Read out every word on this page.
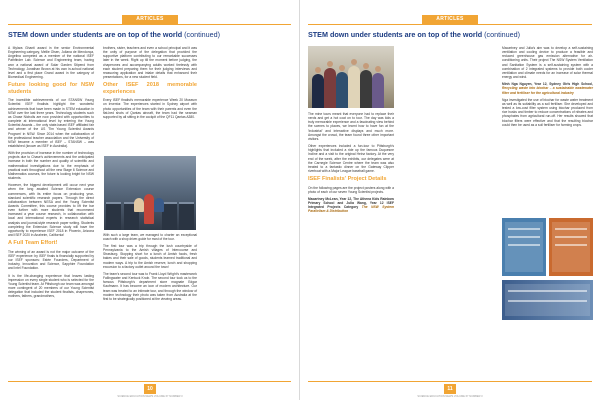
ARTICLES
STEM down under students are on top of the world (continued)

A Mylara Ghanti award in the senior Environmental Engineering category, Mellie Olsen, Juliana de Mendonça, Angelina competed as a member of the national ISEF Pathfinder Lab. Science and Engineering team, having won a national award of Solar Garden Stipend from Technology, Jonathan Brown at his own in-school national level and a first place Grand award in the category of Biomedical Engineering.

Future looking good for NSW students

The incredible achievements of our STANSW Young Scientist ISEF finalists highlight the wonderful achievements that have been made in STEM education in NSW over the last three years. Technology students such as Chase Nicholls are now provided with opportunities to complete at international level by entering the Young Scientist Awards – the only state-based ISEF affiliated fair and winner of the US 'Tim Young Scientist Awards Program' in NSW. Since 2014 when the collaboration of the professional teacher association and the University of NSW became a member of ISEF – STANSW – was established (known as ISEF in Australia).

With the provision of increase in the number of technology projects due to Chase's achievements and the anticipated increase in both the number and quality of scientific and mathematical investigations due to the emphasis of practical work throughout all the new Stage 6 Science and Mathematics courses, the future is looking bright for NSW students.

However, the biggest development will occur next year when the long awaited Science Extension course commences, with its entire focus on producing year-standard scientific research papers. Through the direct collaboration between NESA and the Young Scientist Awards Committee, this course provides to lift the bar even further with more students that recommend increased a year course research, in collaboration with local and international experts in research statistical analysis and journal-style research paper writing. Students completing the Extension Science study will have the opportunity to experience ISEF 2018 in Phoenix, Arizona and ISEF 2020 in Anaheim, California!

A Full Team Effort!

The winning of an award is not the major outcome of the ISEF experience: by ISEF finals is financially supported by our ISEF sponsors: Estée Founders, Department of Industry, Innovation and Science, Sapphire Foundation and Intel Foundation.

It is the life-changing experience that leaves lasting impression on every single student who is selected for the Young Scientist team. At Pittsburgh our team was amongst more contingent of 20 members of our Young Scientist delegation that included the student finalists, chaperones, mothers, fathers, grandmothers,

brothers, sister, teachers and even a school principal and it was the unity of purpose of the delegation that provided the supportive platform contributing to our remarkable successes later in the week. Right up till the moment before judging, the chaperones and accompanying adults worked tirelessly with each student preparing them for their judging interviews and reassuring application and intake details that enhanced their presentations, for a new student field.

Other ISEF 2018 memorable experiences

Every ISEF finalist's memorable experience Week 20 Museum on Inventor. The experiences started in Sydney airport with photo opportunities of the team with their parents and even the flat-bed shots of Qantas aircraft, the team had the seaman supported by all sitting in the cockpit of the QF11 Qantas A380.

With such a large team, we managed to charter an exceptional coach with a shop driver-guide for most of the tour.

The first tour was a trip through the lush countryside of Pennsylvania to the Amish villages of Intercourse and Strasburg. Stopping short for a lunch of Amish foods, fresh bakes and their sale of goods, students learned traditional and modern ways. A trip to the Amish reserve, lunch and shopping excursion to a factory outlet around the town!

The team's second tour was to Frank Lloyd Wright's masterwork Fallingwater and Kentuck Knob. The second tour took us to the famous Pittsburgh's department store magnate Edgar Kaufmann. It has become an icon of modern architecture. Our team was treated to an intimate tour, and through the window of modern technology their photo was taken from Australia at the first to be strategically positioned at the viewing areas.

10
SCIENCE EDUCATION NEWS VOLUME 67 NUMBER 3
ARTICLES
STEM down under students are on top of the world (continued)

The mine tours meant that everyone had to replace their nerds and get a hot coat on to tour. The day was kids a truly memorable experience and a fascinating view behind the scenes to places, we learnt how to have fun at the 'industrial' and interactive displays and much more. Amongst the crowd, the team found three other important visitors.

Other experiences included a fun-tour to Pittsburgh's highlights that included a ride up the famous Duquesne Incline and a visit to the original Heinz factory. At the very end of the week, after the exhibits, our delegates were at the Carnegie Science Centre where the team was also treated to a fantastic dinner on the Gateway Clipper riverboat with a Major League baseball game.

ISEF Finalists' Project Details

On the following pages are the project posters along with a photo of each of our seven Young Scientist projects.

Macartney McLean, Year 12, The Athena Kids Rainbow Primary School and Julia Wang, Year 12 ISEF Integrated Projects Category The NSW System Parallelism & Distribution

Macartney and Julia's aim was to develop a self-sustaining ventilation and cooling device to produce a feasible and reduced greenhouse gas emission alternative for air-conditioning units. Their project The NSW System Ventilation and Sanitation System is a self-sustaining system with a combination of 2 integrated systems to provide both cooler ventilation and climate needs for an increase of solar thermal energy and wind.

Minh Nga Nguyen, Year 12, Sydney Girls High School, Recycling waste into biochar – a sustainable wastewater filter and fertiliser for the agricultural industry

Nga investigated the use of biochar for waste water treatment as well as its suitability as a soil fertiliser. She developed and tested a low-cost filter system using biochar produced from rice husks and timber to reduce concentrations of nitrates and phosphates from agricultural run-off. Her results showed that biochar filters were effective and that the resulting biochar could then be used as a soil fertiliser for farming crops.

11
SCIENCE EDUCATION NEWS VOLUME 67 NUMBER 3
